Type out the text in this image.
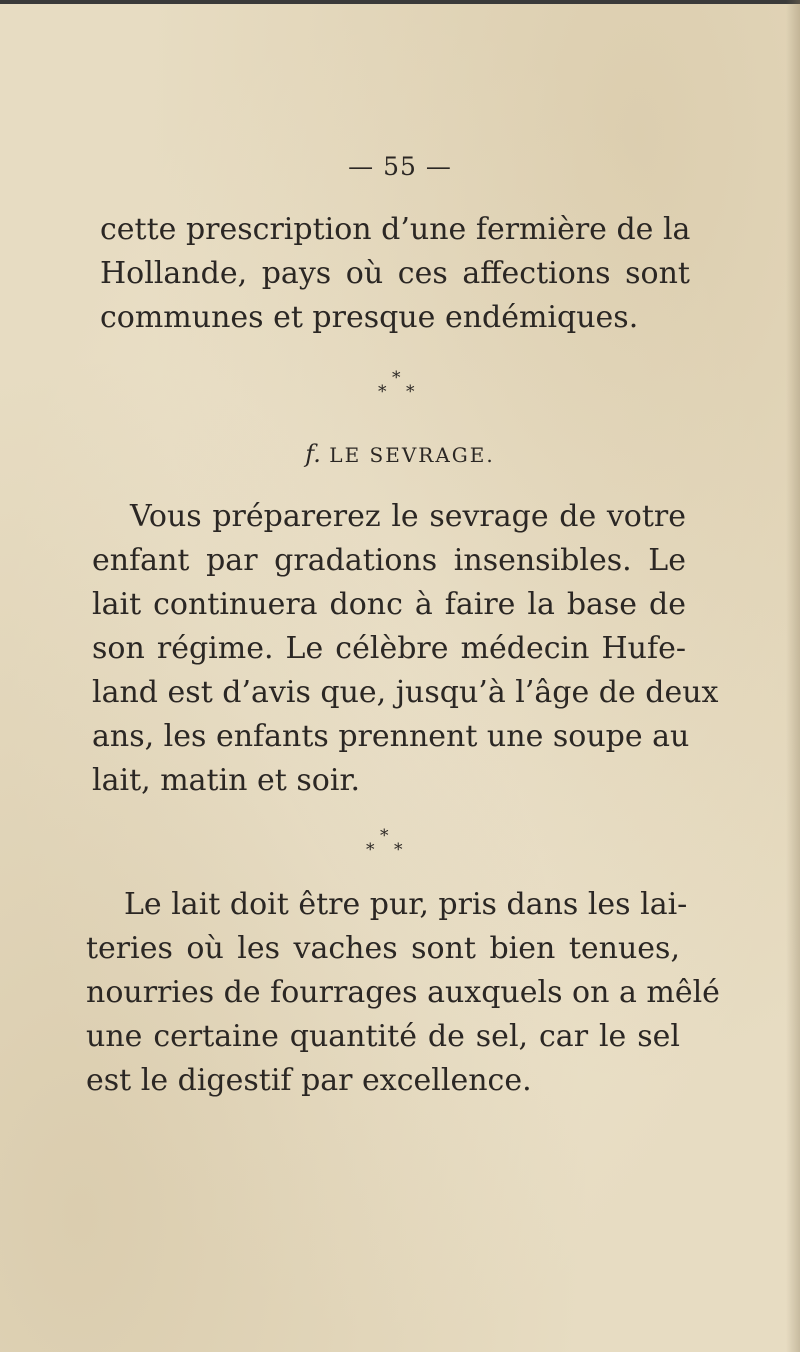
— 55 —

cette prescription d’une fermière de la
Hollande, pays où ces affections sont
communes et presque endémiques.

*
* *
f. LE SEVRAGE.

Vous préparerez le sevrage de votre
enfant par gradations insensibles. Le
lait continuera donc à faire la base de
son régime. Le célèbre médecin Hufe-
land est d’avis que, jusqu’à l’âge de deux
ans, les enfants prennent une soupe au
lait, matin et soir.

*
* *

Le lait doit être pur, pris dans les lai-
teries où les vaches sont bien tenues,
nourries de fourrages auxquels on a mêlé
une certaine quantité de sel, car le sel
est le digestif par excellence.
